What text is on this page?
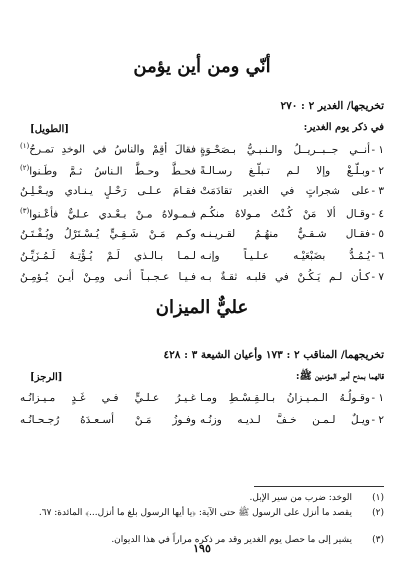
أنّي ومن أين يؤمن
تخريجها/ الغدير ٢ : ٢٧٠
في ذكر يوم الغدير:
[الطويل]
١ -
أنــي جــبــريــلُ والـنـبـيُّ بـصَحْـوَةٍ
فقالَ أقِمْ والناسُ في الوخدِ تمـرحُ$^{(١)}$
٢ -
وبـلّـغْ وإلا لـم تـبلّـغ رسـالـةً
فحـطَّ وحـطَّ الـناسُ ثـمَّ وطَـنوا$^{(٢)}$
٣ -
على شجراتٍ في الغدير تقادَمَتْ
فقـامَ عـلـى رَحْـلٍ يـنـادي ويـعْـلِـنُ
٤ -
وقـال ألا مَنْ كُـنْتُ مـولاهُ منكُـم
فـمـولاهُ مـنْ بـعْـدي عـليٌّ فأعْـنوا$^{(٣)}$
٥ -
فقـال شـقـيٌّ منهُـمُ لقـريـنـه
وكـم مَـنْ شَـقِـيٍّ يُـسْـتَرْلُ ويُـفْـتَـنُ
٦ -
يُـمُـدُّ بضَبْعَيْـه عـلـيـاً وإنـه
لـمـا بـالـذي لَـمْ يُـؤْتِـهُ لَـمُـزَيِّـنُ
٧ -
كـأن لـم يَـكُـنْ في قلبـه ثقـةٌ بـه
فـيـا عـجـبـاً أنـى ومِـنْ أيـنَ يُـؤمِـنُ
عليٌّ الميزان
تخريجهما/ المناقب ٢ : ١٧٣ وأعيان الشيعة ٣ : ٤٢٨
قالهما بمدح أمير المؤمنين ﷺ:
[الرجز]
١ -
وقـولُـهُ الـمـيـزانُ بـالـقِـسْـطِ ومـا
غـيـرُ عـلـيٍّ فـي غَـدٍ مـيـزانُـه
٢ -
ويـلٌ لـمـن خـفَّ لـديـه وزنُـه
وفـوزُ مَـنْ أسـعـدَهُ رُجـحـانُـه
(١)
الوخد: ضرب من سير الإبل.
(٢)
يقصد ما أنزل على الرسول ﷺ حتى الآية: ﴿يا أيها الرسول بلغ ما أنزل...﴾ المائدة: ٦٧.
(٣)
يشير إلى ما حصل يوم الغدير وقد مر ذكره مراراً في هذا الديوان.
١٩٥
